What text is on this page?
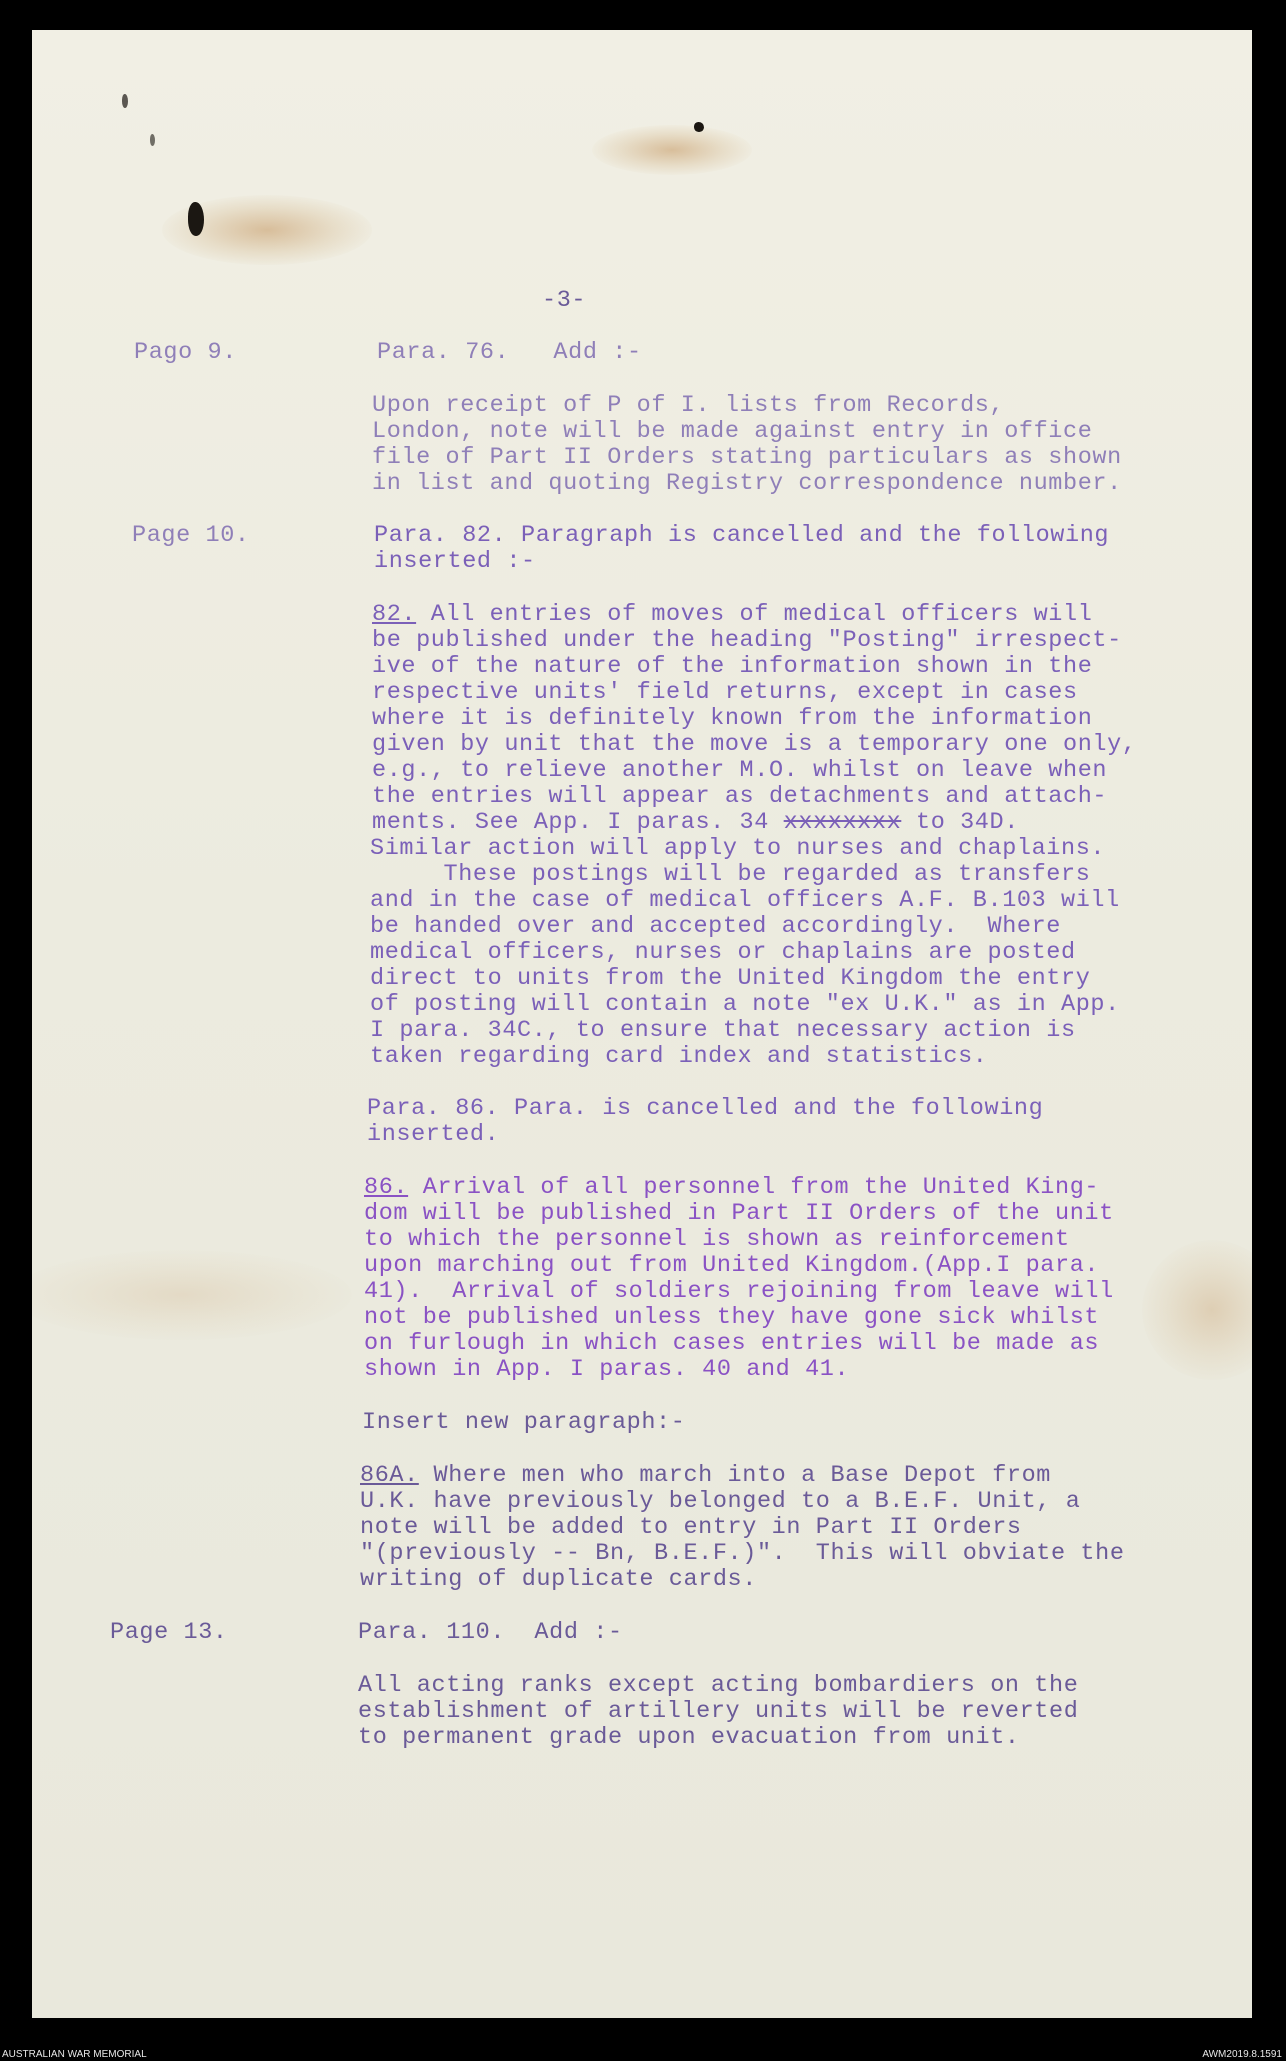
-3-

Pago 9.	Para. 76.   Add :-

Upon receipt of P of I. lists from Records,

London, note will be made against entry in office

file of Part II Orders stating particulars as shown

in list and quoting Registry correspondence number.

Page 10.	Para. 82. Paragraph is cancelled and the following
inserted :-

82. All entries of moves of medical officers will

be published under the heading "Posting" irrespect-

ive of the nature of the information shown in the

respective units' field returns, except in cases

where it is definitely known from the information

given by unit that the move is a temporary one only,

e.g., to relieve another M.O. whilst on leave when

the entries will appear as detachments and attach-

ments. See App. I paras. 34 xxxxxxxx to 34D.

Similar action will apply to nurses and chaplains.

These postings will be regarded as transfers

and in the case of medical officers A.F. B.103 will

be handed over and accepted accordingly.  Where

medical officers, nurses or chaplains are posted

direct to units from the United Kingdom the entry

of posting will contain a note "ex U.K." as in App.

I para. 34C., to ensure that necessary action is

taken regarding card index and statistics.

Para. 86. Para. is cancelled and the following

inserted.

86. Arrival of all personnel from the United King-

dom will be published in Part II Orders of the unit

to which the personnel is shown as reinforcement

upon marching out from United Kingdom.(App.I para.

41).  Arrival of soldiers rejoining from leave will

not be published unless they have gone sick whilst

on furlough in which cases entries will be made as

shown in App. I paras. 40 and 41.

Insert new paragraph:-

86A. Where men who march into a Base Depot from

U.K. have previously belonged to a B.E.F. Unit, a

note will be added to entry in Part II Orders

"(previously -- Bn, B.E.F.)".  This will obviate the

writing of duplicate cards.

Page 13.	Para. 110.  Add :-

All acting ranks except acting bombardiers on the

establishment of artillery units will be reverted

to permanent grade upon evacuation from unit.

AUSTRALIAN WAR MEMORIAL	AWM2019.8.1591
